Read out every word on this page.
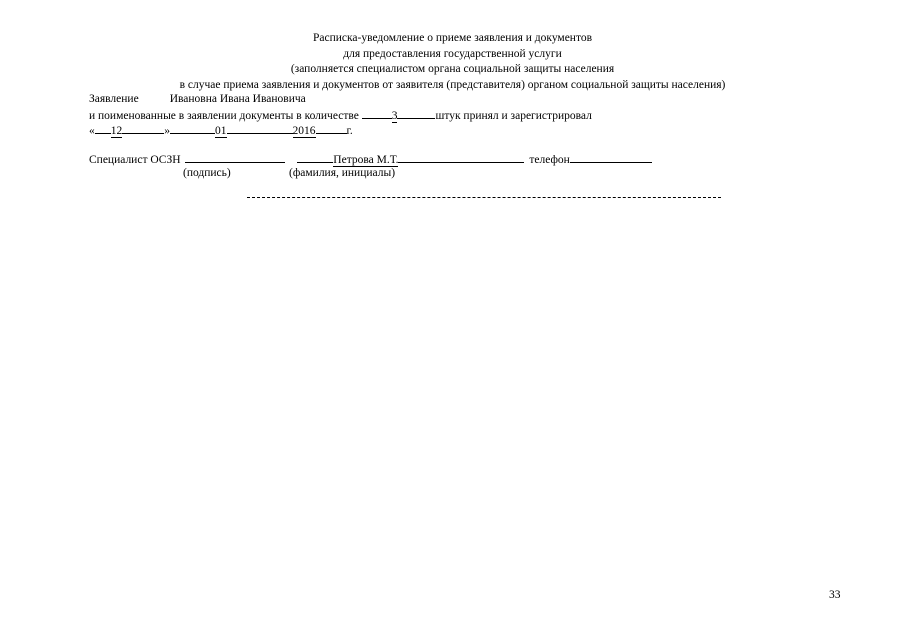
Расписка-уведомление о приеме заявления и документов
для предоставления государственной услуги
(заполняется специалистом органа социальной защиты населения
в случае приема заявления и документов от заявителя (представителя) органом социальной защиты населения)
Заявление	Ивановна Ивана Ивановича
и поименованные в заявлении документы в количестве	3	штук принял и зарегистрировал
« 12	»	01	2016	г.
Специалист ОСЗН	Петрова М.Т.	телефон
(подпись)	(фамилия, инициалы)
33
